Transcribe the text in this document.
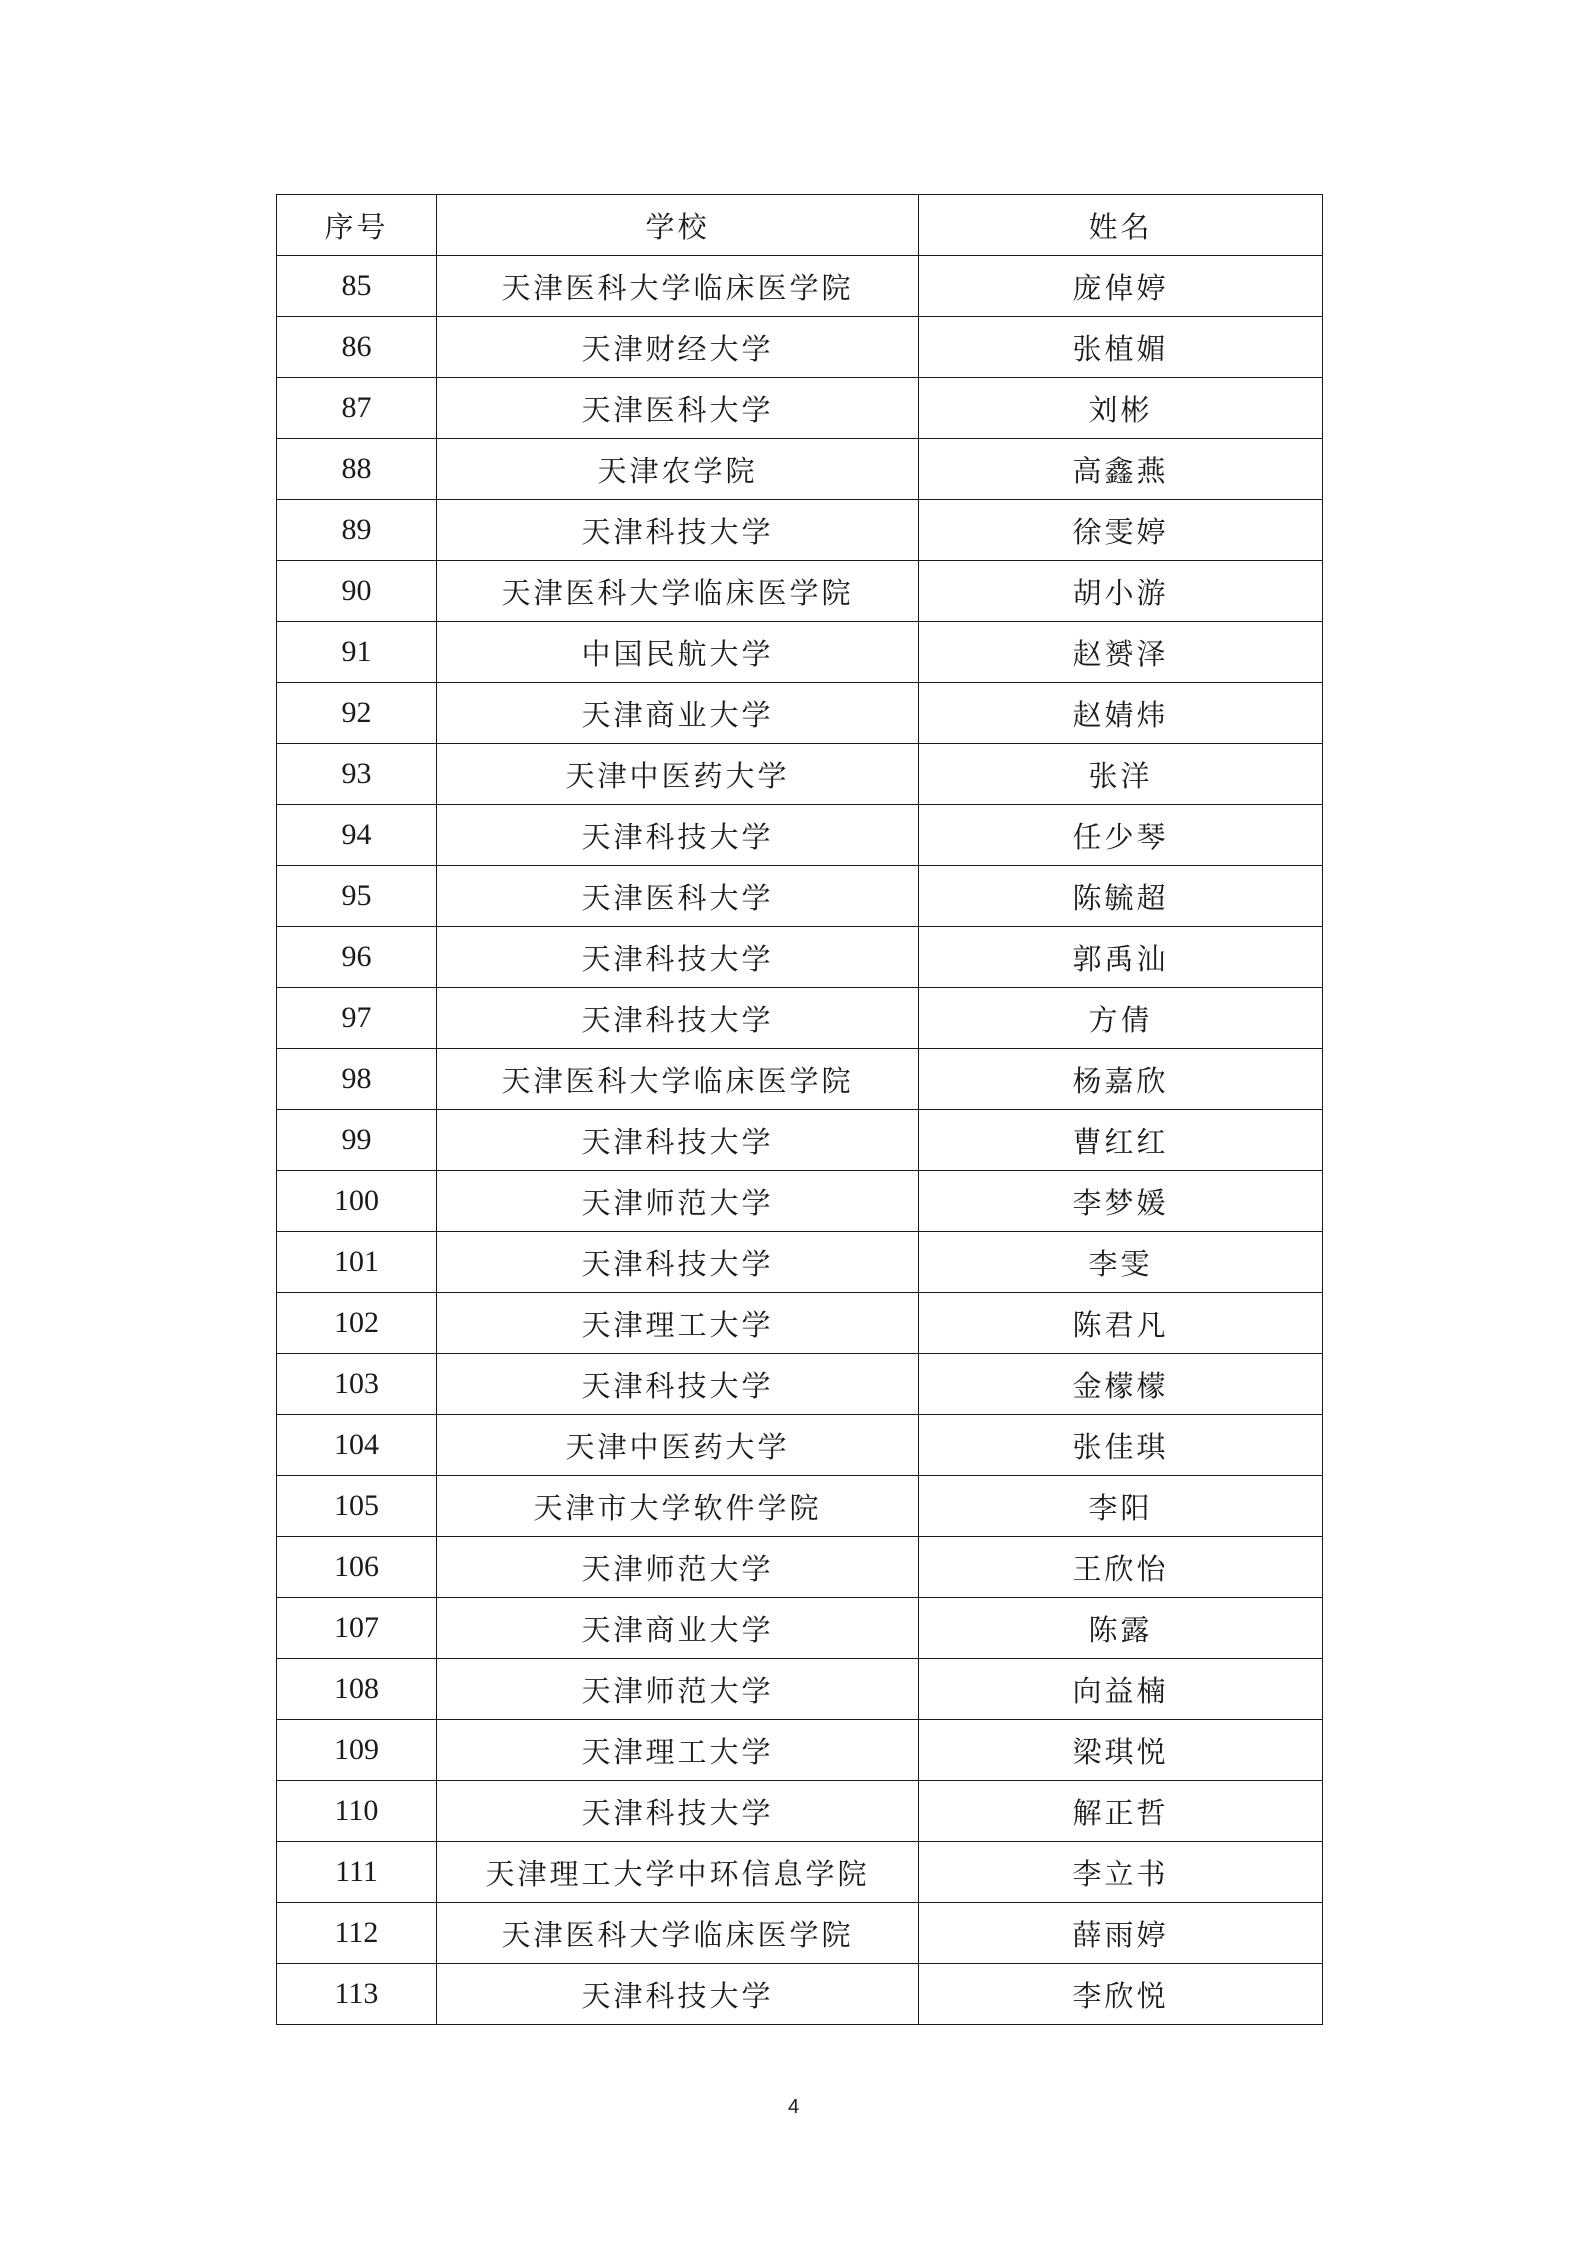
序号	学校	姓名
85	天津医科大学临床医学院	庞倬婷
86	天津财经大学	张植媚
87	天津医科大学	刘彬
88	天津农学院	高鑫燕
89	天津科技大学	徐雯婷
90	天津医科大学临床医学院	胡小游
91	中国民航大学	赵赟泽
92	天津商业大学	赵婧炜
93	天津中医药大学	张洋
94	天津科技大学	任少琴
95	天津医科大学	陈毓超
96	天津科技大学	郭禹汕
97	天津科技大学	方倩
98	天津医科大学临床医学院	杨嘉欣
99	天津科技大学	曹红红
100	天津师范大学	李梦媛
101	天津科技大学	李雯
102	天津理工大学	陈君凡
103	天津科技大学	金檬檬
104	天津中医药大学	张佳琪
105	天津市大学软件学院	李阳
106	天津师范大学	王欣怡
107	天津商业大学	陈露
108	天津师范大学	向益楠
109	天津理工大学	梁琪悦
110	天津科技大学	解正哲
111	天津理工大学中环信息学院	李立书
112	天津医科大学临床医学院	薛雨婷
113	天津科技大学	李欣悦
4
